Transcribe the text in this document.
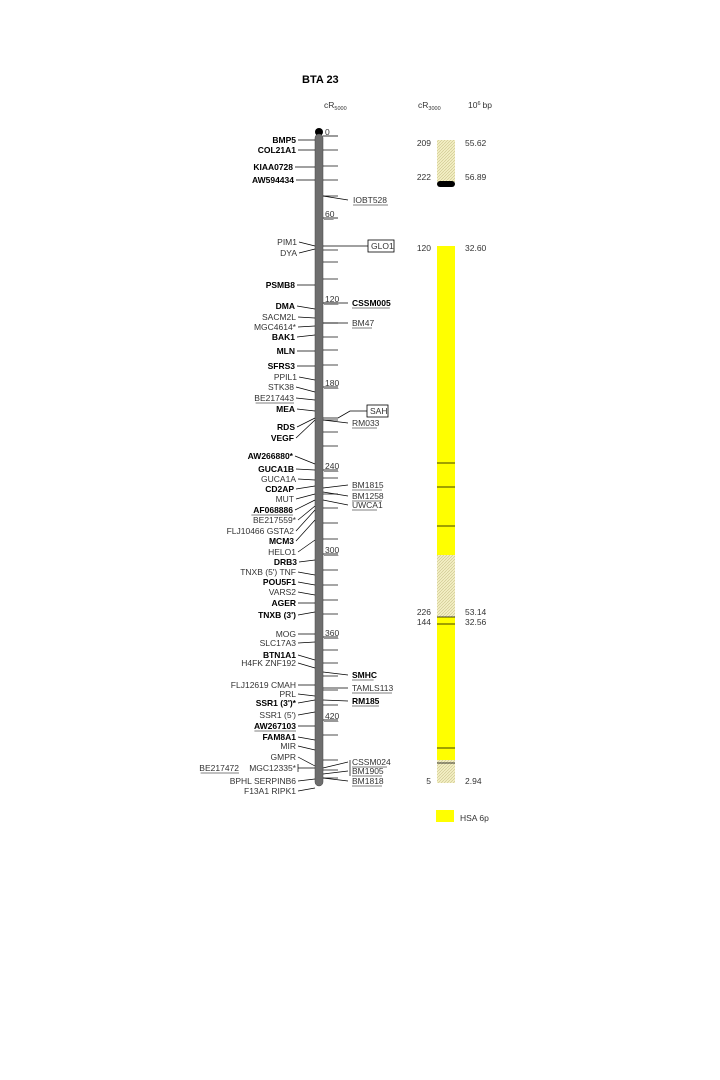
BTA 23
$cR_{5000}$	$cR_{3000}$	$10^6$ bp
0
60
120
180
240
300
360
420
BMP5
COL21A1
KIAA0728
AW594434
PIM1
DYA
PSMB8
DMA
SACM2L
MGC4614*
BAK1
MLN
SFRS3
PPIL1
STK38
BE217443
MEA
RDS
VEGF
AW266880*
GUCA1B
GUCA1A
CD2AP
MUT
AF068886
BE217559*
FLJ10466 GSTA2
MCM3
HELO1
DRB3
TNXB (5') TNF
POU5F1
VARS2
AGER
TNXB (3')
MOG
SLC17A3
BTN1A1
H4FK ZNF192
FLJ12619 CMAH
PRL
SSR1 (3')*
SSR1 (5')
AW267103
FAM8A1
MIR
GMPR
MGC12335*
BE217472
BPHL SERPINB6
F13A1 RIPK1
IOBT528
GLO1
CSSM005
BM47
SAH
RM033
BM1815
BM1258
UWCA1
SMHC
TAMLS113
RM185
CSSM024
BM1905
BM1818
209	55.62
222	56.89
120	32.60
226	53.14
144	32.56
5	2.94
HSA 6p
